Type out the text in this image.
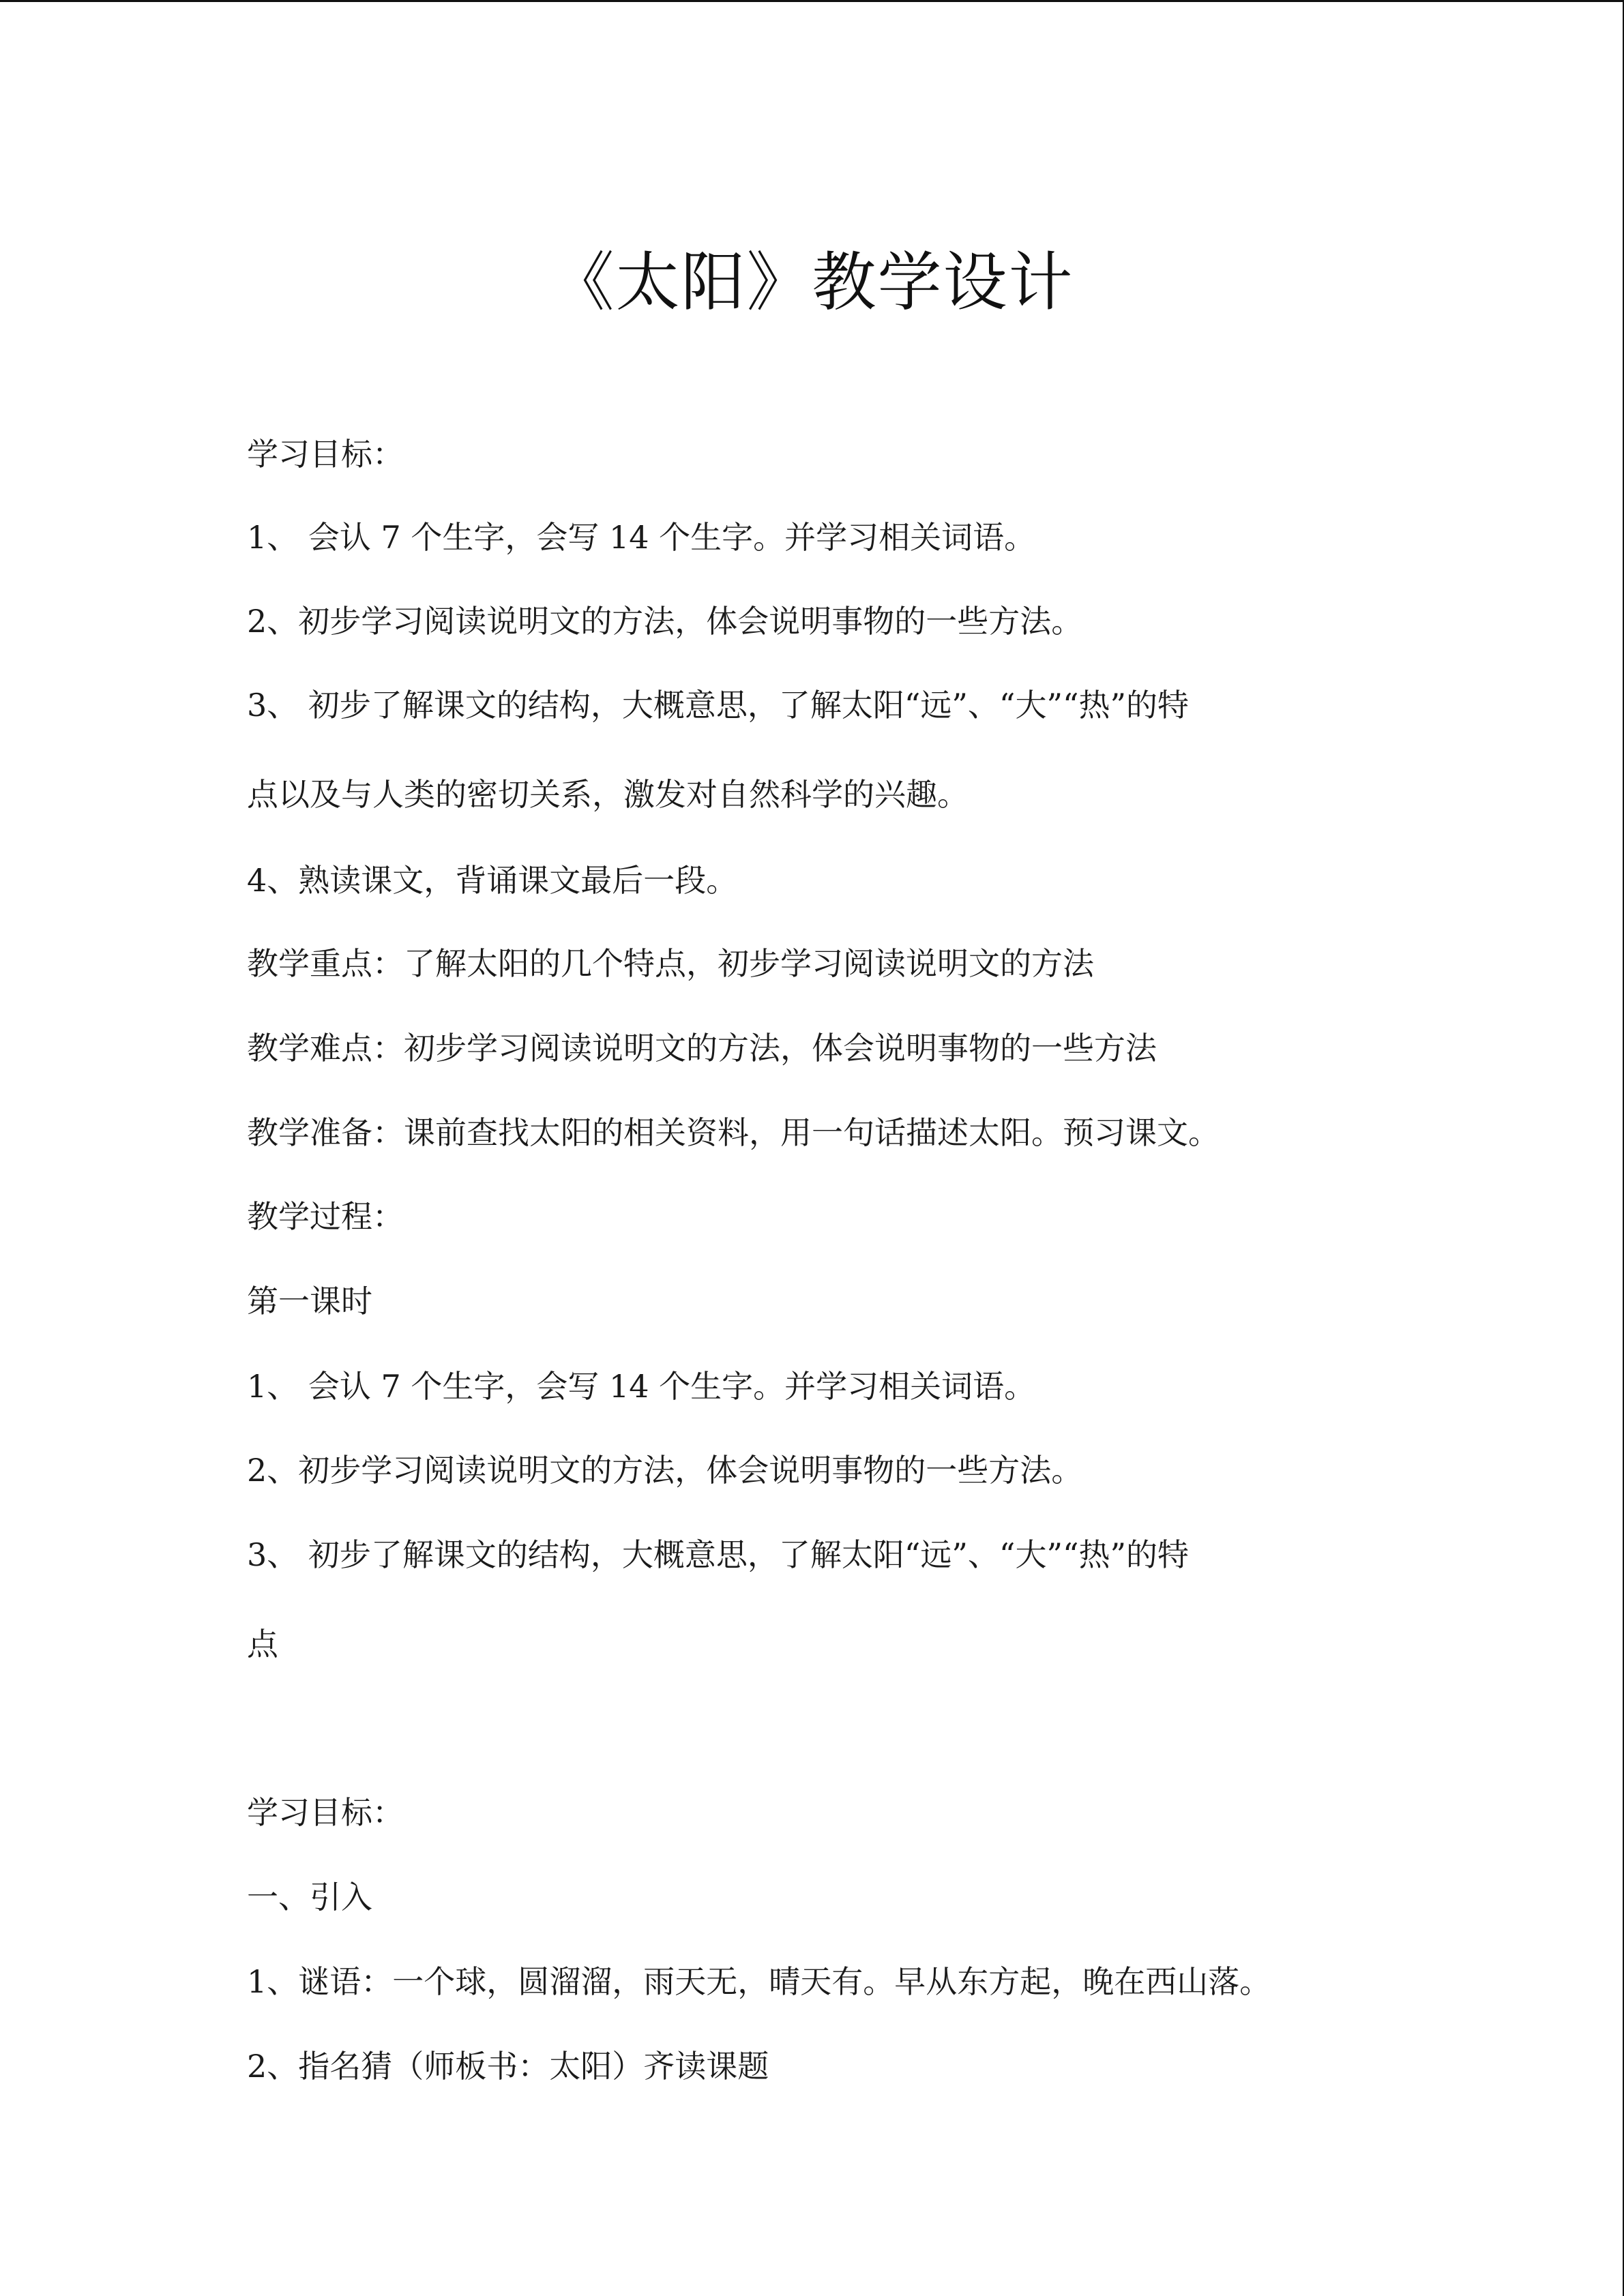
《太阳》教学设计
学习目标：
1、 会认 7 个生字，会写 14 个生字。并学习相关词语。
2、初步学习阅读说明文的方法，体会说明事物的一些方法。
3、 初步了解课文的结构，大概意思，了解太阳“远”、“大”“热”的特
点以及与人类的密切关系，激发对自然科学的兴趣。
4、熟读课文，背诵课文最后一段。
教学重点：了解太阳的几个特点，初步学习阅读说明文的方法
教学难点：初步学习阅读说明文的方法，体会说明事物的一些方法
教学准备：课前查找太阳的相关资料，用一句话描述太阳。预习课文。
教学过程：
第一课时
1、 会认 7 个生字，会写 14 个生字。并学习相关词语。
2、初步学习阅读说明文的方法，体会说明事物的一些方法。
3、 初步了解课文的结构，大概意思，了解太阳“远”、“大”“热”的特
点
学习目标：
一、引入
1、谜语：一个球，圆溜溜，雨天无，晴天有。早从东方起，晚在西山落。
2、指名猜（师板书：太阳）齐读课题
